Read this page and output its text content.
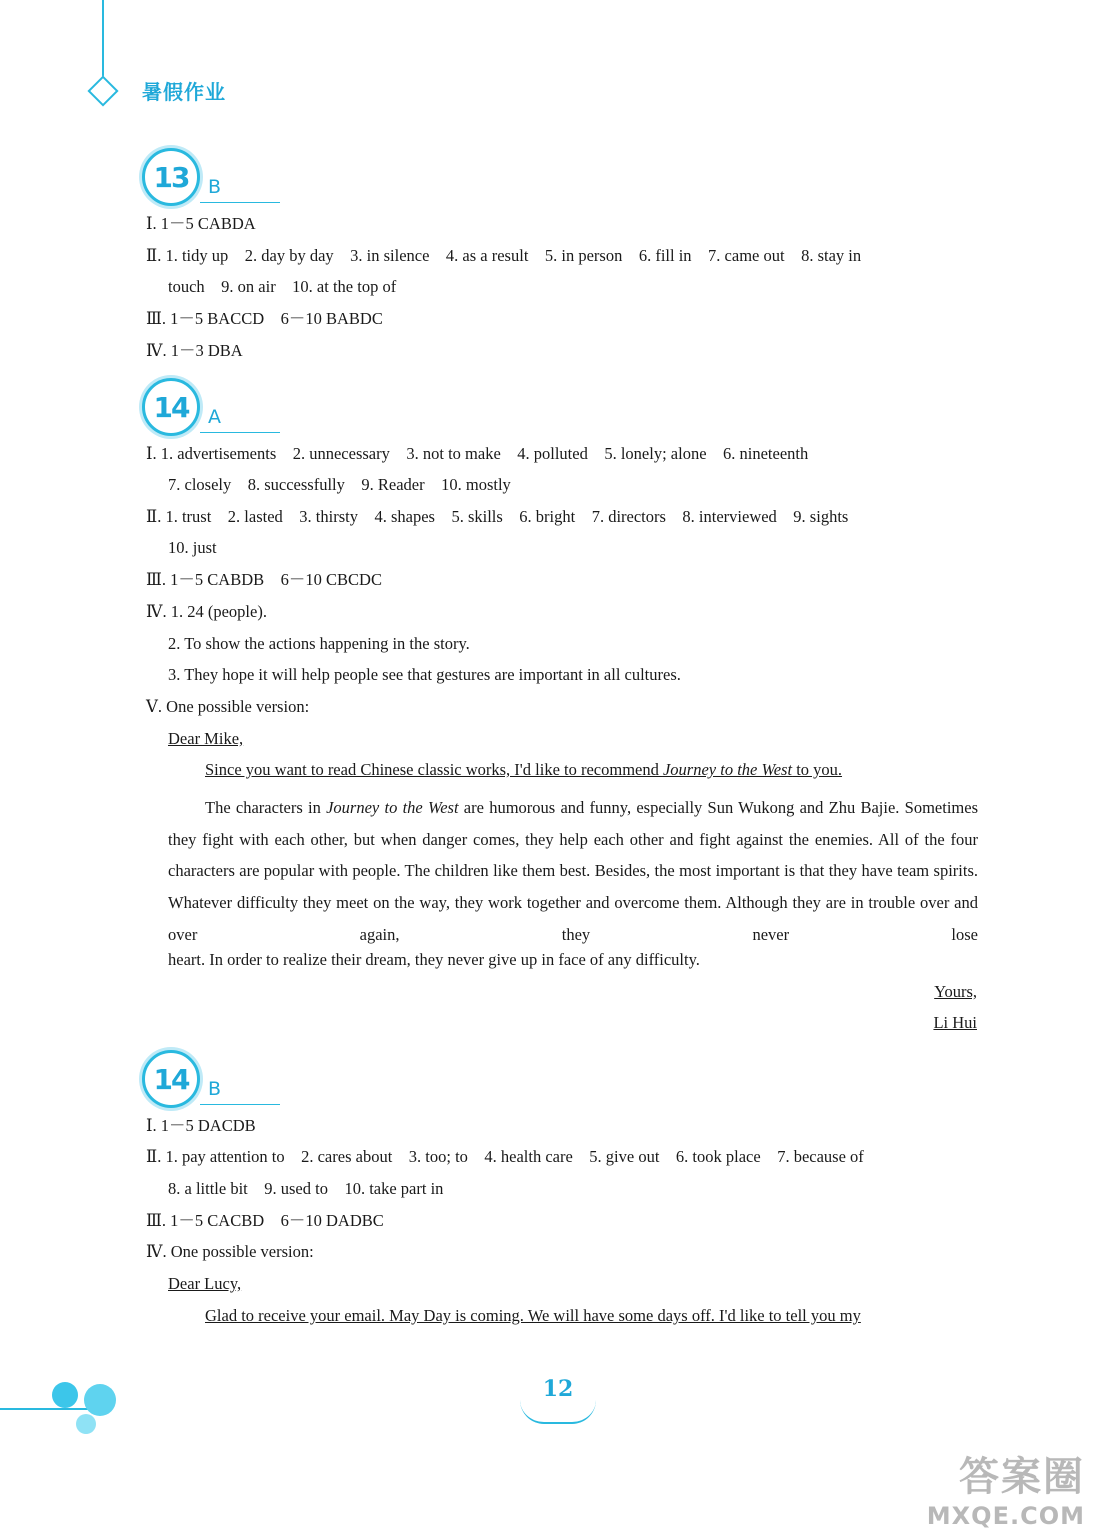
暑假作业
13	B
Ⅰ. 1－5 CABDA
Ⅱ. 1. tidy up　2. day by day　3. in silence　4. as a result　5. in person　6. fill in　7. came out　8. stay in
touch　9. on air　10. at the top of
Ⅲ. 1－5 BACCD　6－10 BABDC
Ⅳ. 1－3 DBA
14	A
Ⅰ. 1. advertisements　2. unnecessary　3. not to make　4. polluted　5. lonely; alone　6. nineteenth
7. closely　8. successfully　9. Reader　10. mostly
Ⅱ. 1. trust　2. lasted　3. thirsty　4. shapes　5. skills　6. bright　7. directors　8. interviewed　9. sights
10. just
Ⅲ. 1－5 CABDB　6－10 CBCDC
Ⅳ. 1. 24 (people).
2. To show the actions happening in the story.
3. They hope it will help people see that gestures are important in all cultures.
Ⅴ. One possible version:
Dear Mike,
Since you want to read Chinese classic works, I'd like to recommend Journey to the West to you.
The characters in Journey to the West are humorous and funny, especially Sun Wukong and Zhu Bajie. Sometimes they fight with each other, but when danger comes, they help each other and fight against the enemies. All of the four characters are popular with people. The children like them best. Besides, the most important is that they have team spirits. Whatever difficulty they meet on the way, they work together and overcome them. Although they are in trouble over and over again, they never lose
heart. In order to realize their dream, they never give up in face of any difficulty.
Yours,
Li Hui
14	B
Ⅰ. 1－5 DACDB
Ⅱ. 1. pay attention to　2. cares about　3. too; to　4. health care　5. give out　6. took place　7. because of
8. a little bit　9. used to　10. take part in
Ⅲ. 1－5 CACBD　6－10 DADBC
Ⅳ. One possible version:
Dear Lucy,
Glad to receive your email. May Day is coming. We will have some days off. I'd like to tell you my
12
答案圈
MXQE.COM
